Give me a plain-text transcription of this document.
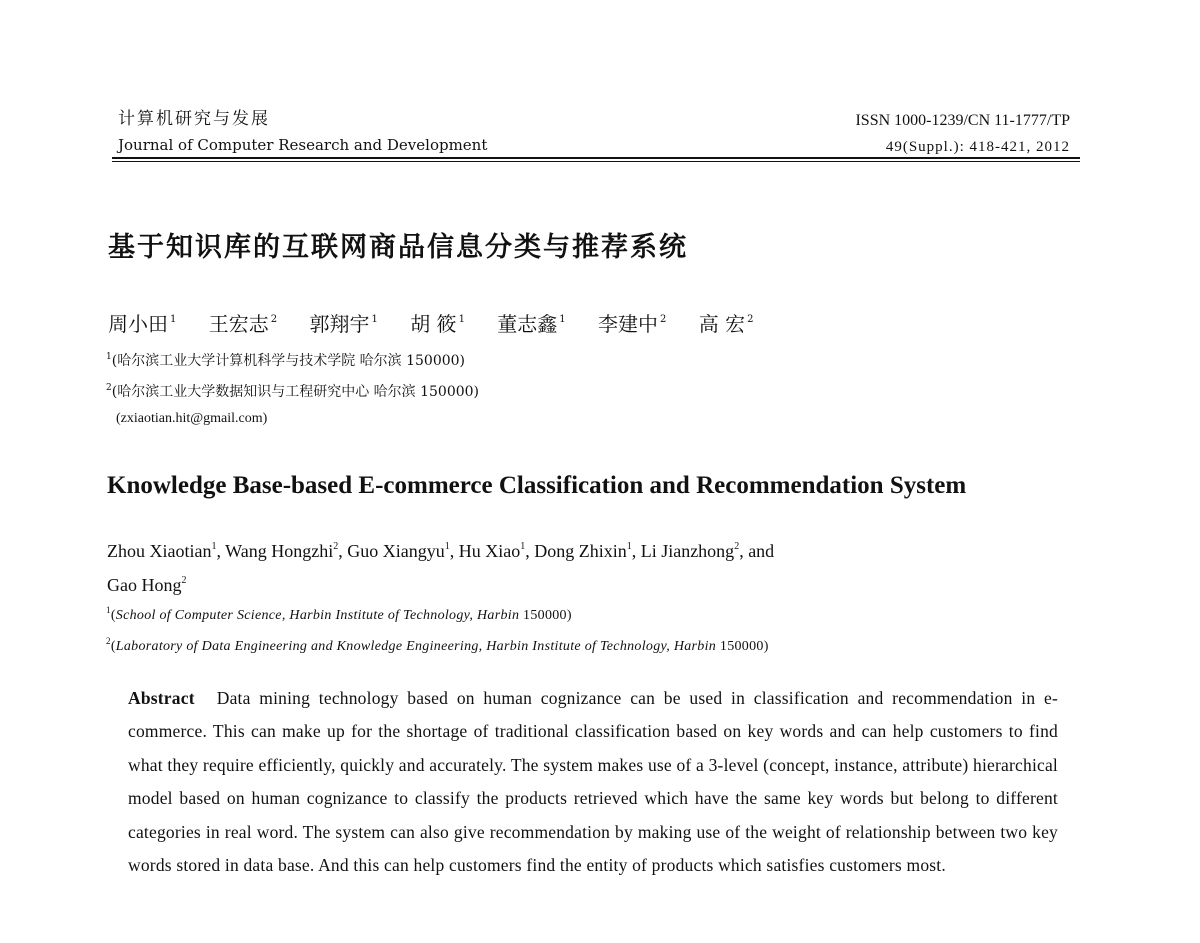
计算机研究与发展
Journal of Computer Research and Development
ISSN 1000-1239/CN 11-1777/TP
49(Suppl.): 418-421, 2012
基于知识库的互联网商品信息分类与推荐系统
周小田 $^1$ 王宏志 $^2$ 郭翔宇 $^1$ 胡 筱 $^1$ 董志鑫 $^1$ 李建中 $^2$ 高 宏 $^2$
$^1$(哈尔滨工业大学计算机科学与技术学院 哈尔滨 150000)
$^2$(哈尔滨工业大学数据知识与工程研究中心 哈尔滨 150000)
(zxiaotian.hit@gmail.com)
Knowledge Base-based E-commerce Classification and Recommendation System
Zhou Xiaotian$^1$, Wang Hongzhi$^2$, Guo Xiangyu$^1$, Hu Xiao$^1$, Dong Zhixin$^1$, Li Jianzhong$^2$, and
Gao Hong$^2$
$^1$(School of Computer Science, Harbin Institute of Technology, Harbin 150000)
$^2$(Laboratory of Data Engineering and Knowledge Engineering, Harbin Institute of Technology, Harbin 150000)
Abstract Data mining technology based on human cognizance can be used in classification and recommendation in e-commerce. This can make up for the shortage of traditional classification based on key words and can help customers to find what they require efficiently, quickly and accurately. The system makes use of a 3-level (concept, instance, attribute) hierarchical model based on human cognizance to classify the products retrieved which have the same key words but belong to different categories in real word. The system can also give recommendation by making use of the weight of relationship between two key words stored in data base. And this can help customers find the entity of products which satisfies customers most.
